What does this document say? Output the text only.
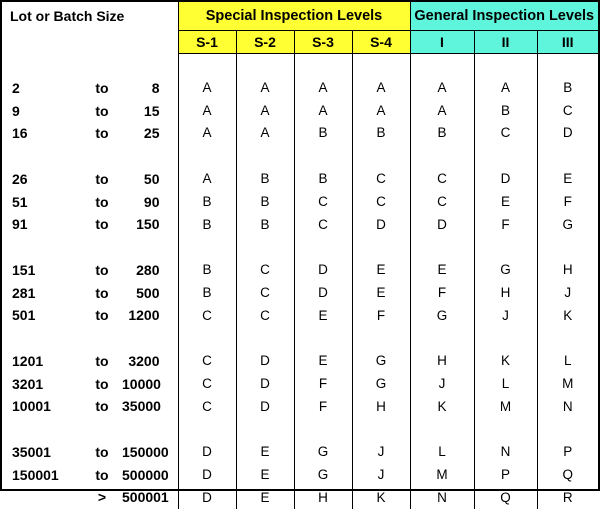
Lot or Batch Size	Special Inspection Levels				General Inspection Levels		
	S-1	S-2	S-3	S-4	I	II	III

2 to 8	A	A	A	A	A	A	B

9 to 15	A	A	A	A	A	B	C

16 to 25	A	A	B	B	B	C	D

26 to 50	A	B	B	C	C	D	E

51 to 90	B	B	C	C	C	E	F

91 to 150	B	B	C	D	D	F	G

151 to 280	B	C	D	E	E	G	H

281 to 500	B	C	D	E	F	H	J

501 to 1200	C	C	E	F	G	J	K

1201 to 3200	C	D	E	G	H	K	L

3201 to 10000	C	D	F	G	J	L	M

10001 to 35000	C	D	F	H	K	M	N

35001 to 150000	D	E	G	J	L	N	P

150001 to 500000	D	E	G	J	M	P	Q

> 500001	D	E	H	K	N	Q	R
